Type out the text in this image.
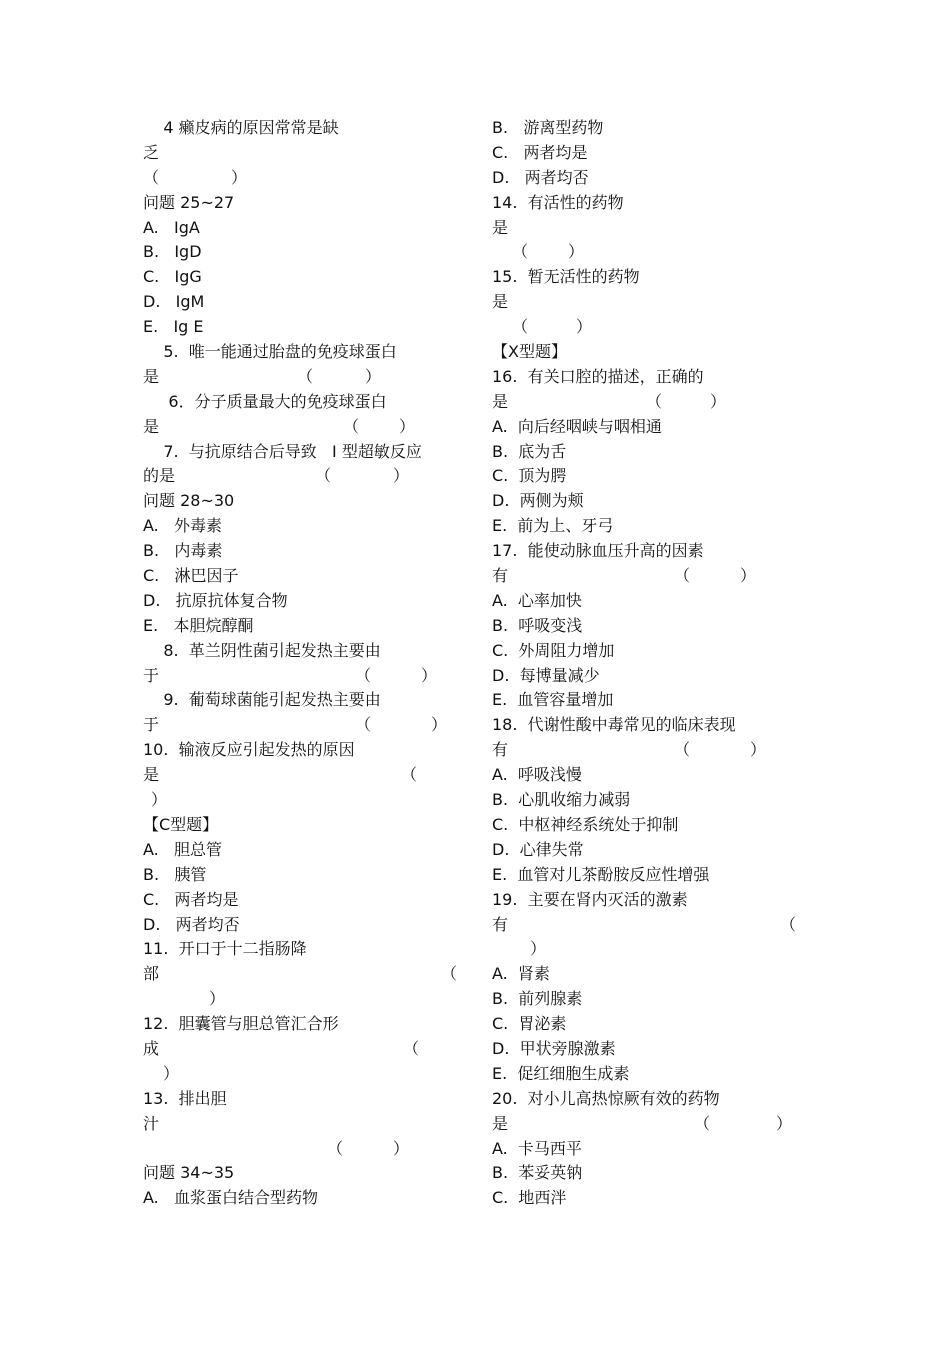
4 癞皮病的原因常常是缺
乏
（	）
问题 25~27
A.   IgA
B.   IgD
C.   IgG
D.   IgM
E.   Ig E
5.  唯一能通过胎盘的免疫球蛋白
是	（	）
6．分子质量最大的免疫球蛋白
是	（ ）
7.  与抗原结合后导致   Ⅰ 型超敏反应
的是	（	）
问题 28~30
A.   外毒素
B.   内毒素
C.   淋巴因子
D.   抗原抗体复合物
E.   本胆烷醇酮
8.  革兰阴性菌引起发热主要由
于	（	）
9.  葡萄球菌能引起发热主要由
于	（	）
10.  输液反应引起发热的原因
是	（
）
【C型题】
A.   胆总管
B.   胰管
C.   两者均是
D.   两者均否
11.  开口于十二指肠降
部	（
）
12.  胆囊管与胆总管汇合形
成	（
）
13.  排出胆
汁
（	）
问题 34~35
A.   血浆蛋白结合型药物
B.   游离型药物
C.   两者均是
D.   两者均否
14.  有活性的药物
是
（ ）
15.  暂无活性的药物
是
（	）
【X型题】
16.  有关口腔的描述，正确的
是	（	）
A.  向后经咽峡与咽相通
B.  底为舌
C.  顶为腭
D.  两侧为颊
E.  前为上、牙弓
17.  能使动脉血压升高的因素
有	（	）
A.  心率加快
B.  呼吸变浅
C.  外周阻力增加
D.  每博量减少
E.  血管容量增加
18.  代谢性酸中毒常见的临床表现
有	（	）
A.  呼吸浅慢
B.  心肌收缩力减弱
C.  中枢神经系统处于抑制
D.  心律失常
E.  血管对儿茶酚胺反应性增强
19.  主要在肾内灭活的激素
有	（
）
A.  肾素
B.  前列腺素
C.  胃泌素
D.  甲状旁腺激素
E.  促红细胞生成素
20.  对小儿高热惊厥有效的药物
是	（	）
A.  卡马西平
B.  苯妥英钠
C.  地西泮
